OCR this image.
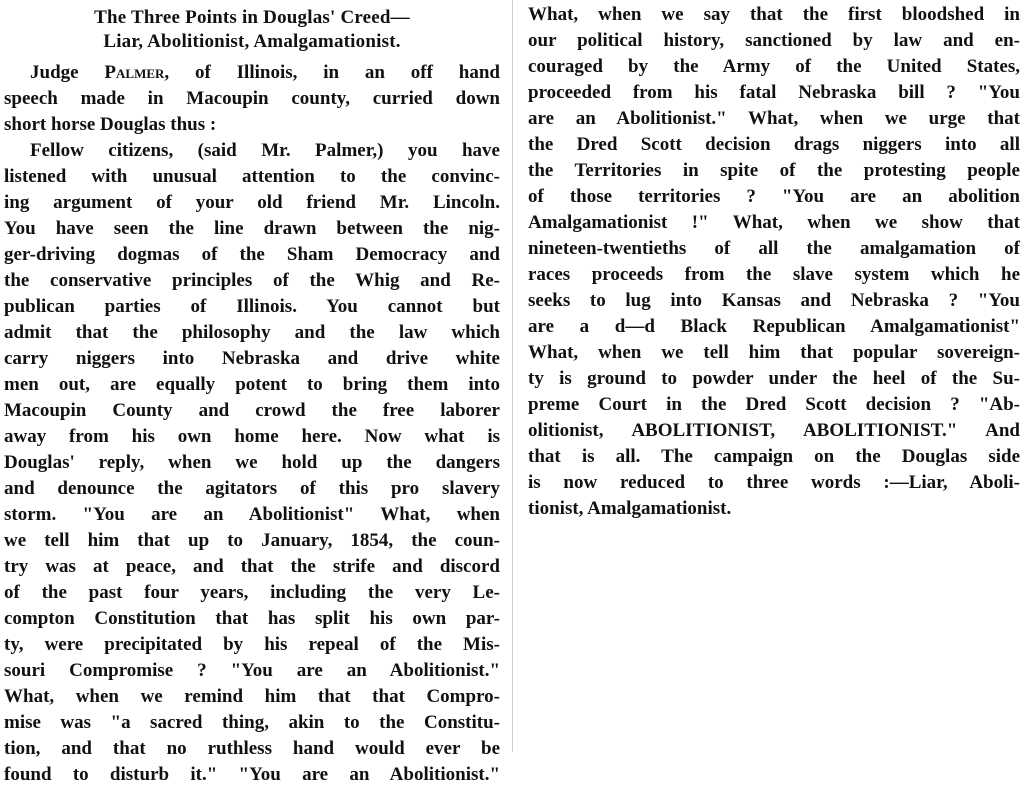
The Three Points in Douglas' Creed—
Liar, Abolitionist, Amalgamationist.
Judge Palmer, of Illinois, in an off hand
speech made in Macoupin county, curried down
short horse Douglas thus :
Fellow citizens, (said Mr. Palmer,) you have
listened with unusual attention to the convinc-
ing argument of your old friend Mr. Lincoln.
You have seen the line drawn between the nig-
ger-driving dogmas of the Sham Democracy and
the conservative principles of the Whig and Re-
publican parties of Illinois. You cannot but
admit that the philosophy and the law which
carry niggers into Nebraska and drive white
men out, are equally potent to bring them into
Macoupin County and crowd the free laborer
away from his own home here. Now what is
Douglas' reply, when we hold up the dangers
and denounce the agitators of this pro slavery
storm. "You are an Abolitionist" What, when
we tell him that up to January, 1854, the coun-
try was at peace, and that the strife and discord
of the past four years, including the very Le-
compton Constitution that has split his own par-
ty, were precipitated by his repeal of the Mis-
souri Compromise ? "You are an Abolitionist."
What, when we remind him that that Compro-
mise was "a sacred thing, akin to the Constitu-
tion, and that no ruthless hand would ever be
found to disturb it." "You are an Abolitionist."
What, when we say that the first bloodshed in
our political history, sanctioned by law and en-
couraged by the Army of the United States,
proceeded from his fatal Nebraska bill ? "You
are an Abolitionist." What, when we urge that
the Dred Scott decision drags niggers into all
the Territories in spite of the protesting people
of those territories ? "You are an abolition
Amalgamationist !" What, when we show that
nineteen-twentieths of all the amalgamation of
races proceeds from the slave system which he
seeks to lug into Kansas and Nebraska ? "You
are a d—d Black Republican Amalgamationist"
What, when we tell him that popular sovereign-
ty is ground to powder under the heel of the Su-
preme Court in the Dred Scott decision ? "Ab-
olitionist, ABOLITIONIST, ABOLITIONIST." And
that is all. The campaign on the Douglas side
is now reduced to three words :—Liar, Aboli-
tionist, Amalgamationist.
